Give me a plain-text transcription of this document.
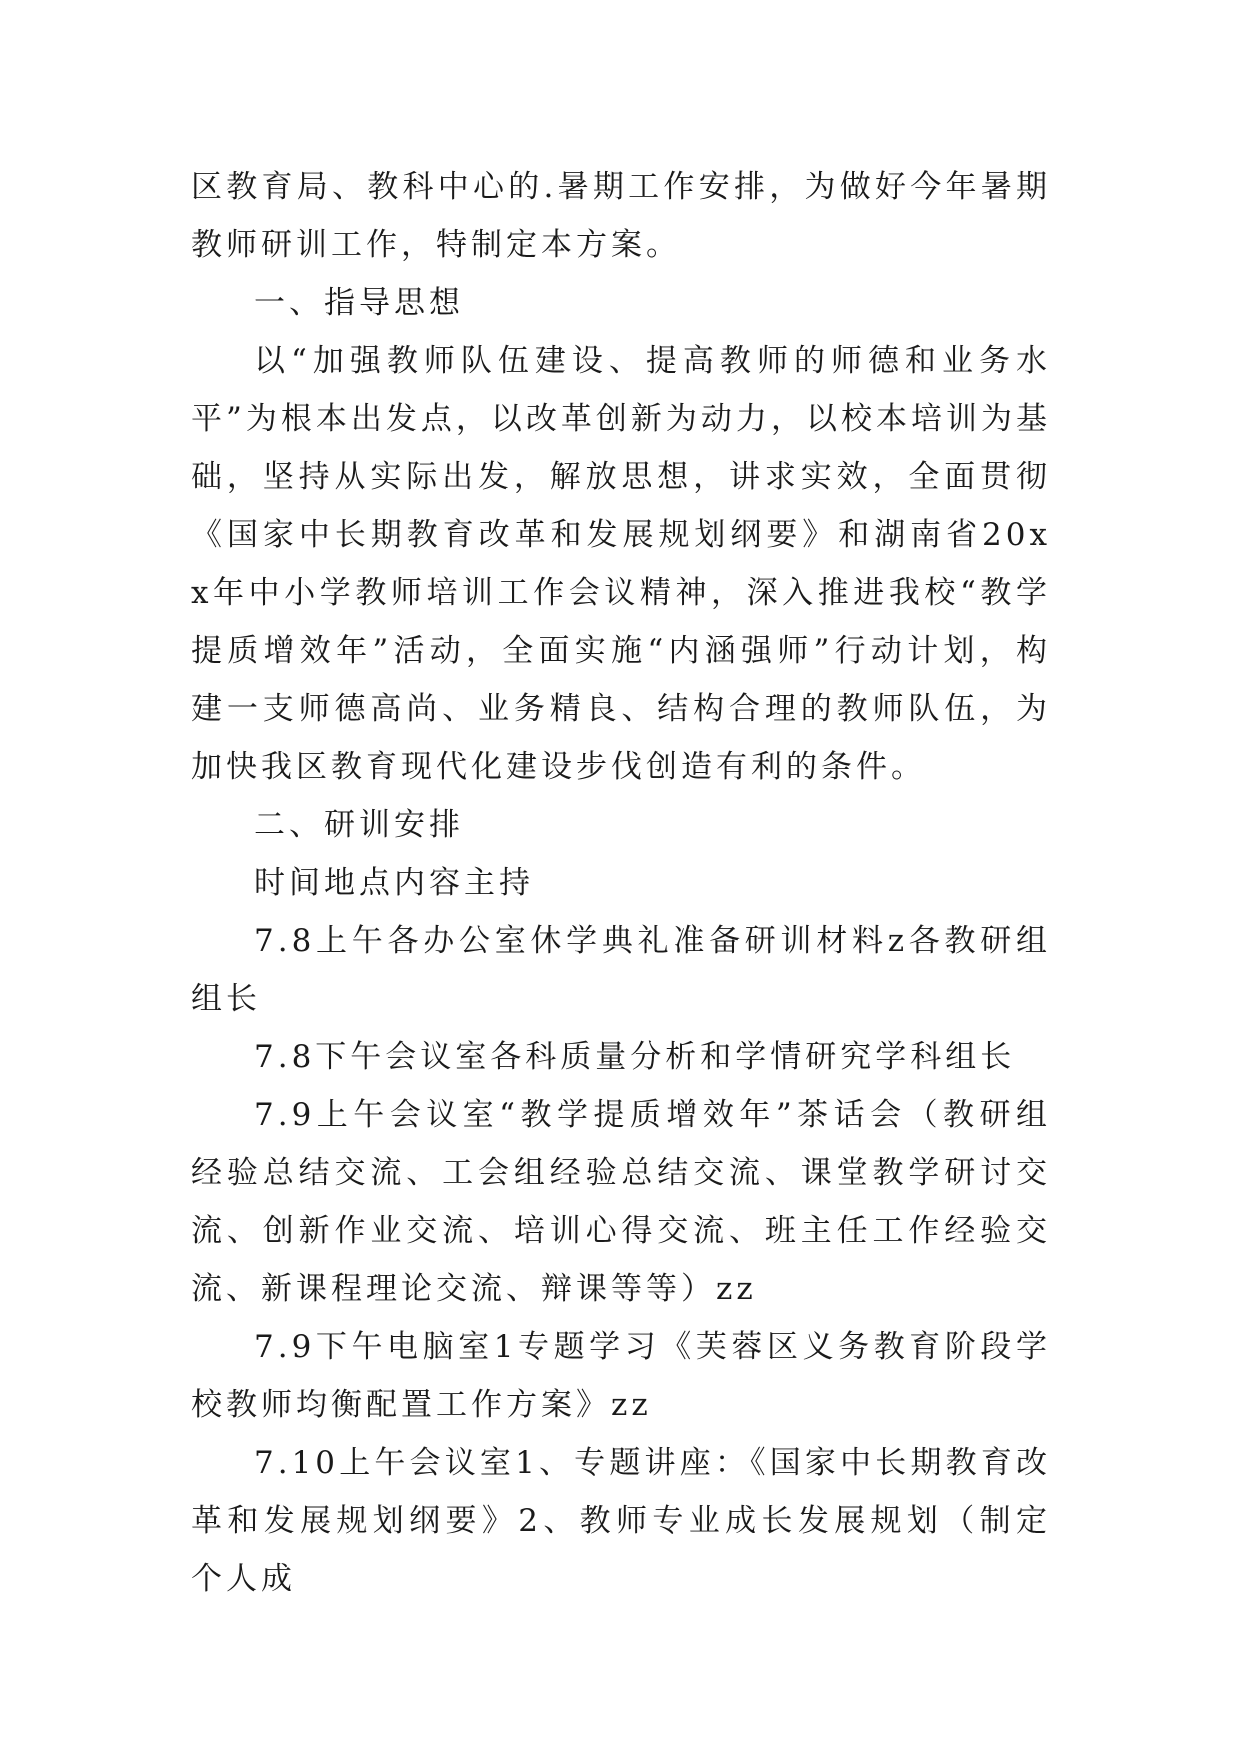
区教育局、教科中心的.暑期工作安排，为做好今年暑期教师研训工作，特制定本方案。

一、指导思想

以“加强教师队伍建设、提高教师的师德和业务水平”为根本出发点，以改革创新为动力，以校本培训为基础，坚持从实际出发，解放思想，讲求实效，全面贯彻《国家中长期教育改革和发展规划纲要》和湖南省20xx年中小学教师培训工作会议精神，深入推进我校“教学提质增效年”活动，全面实施“内涵强师”行动计划，构建一支师德高尚、业务精良、结构合理的教师队伍，为加快我区教育现代化建设步伐创造有利的条件。

二、研训安排

时间地点内容主持

7.8上午各办公室休学典礼准备研训材料z各教研组组长

7.8下午会议室各科质量分析和学情研究学科组长

7.9上午会议室“教学提质增效年”茶话会（教研组经验总结交流、工会组经验总结交流、课堂教学研讨交流、创新作业交流、培训心得交流、班主任工作经验交流、新课程理论交流、辩课等等）zz

7.9下午电脑室1专题学习《芙蓉区义务教育阶段学校教师均衡配置工作方案》zz

7.10上午会议室1、专题讲座：《国家中长期教育改革和发展规划纲要》2、教师专业成长发展规划（制定个人成
